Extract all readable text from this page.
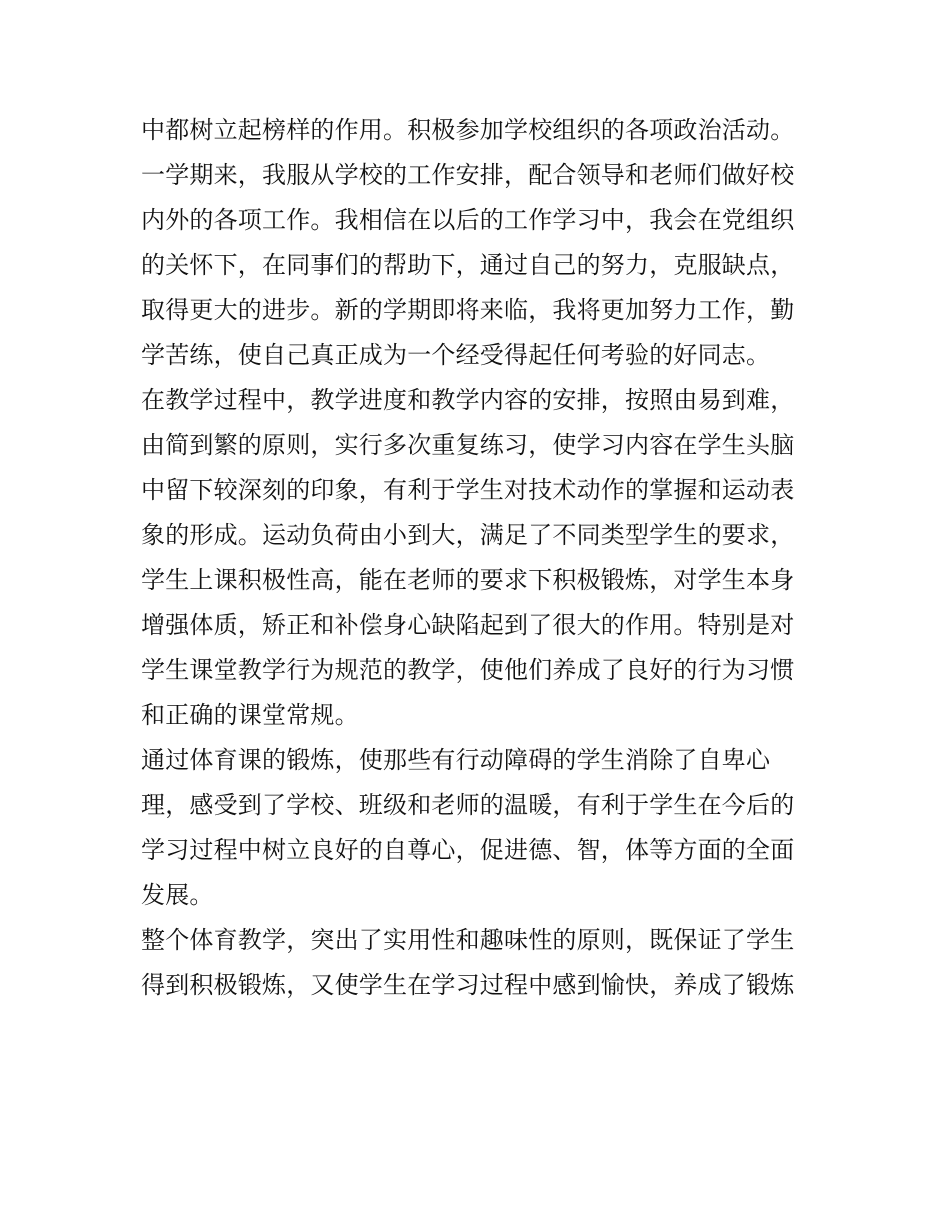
中都树立起榜样的作用。积极参加学校组织的各项政治活动。
一学期来，我服从学校的工作安排，配合领导和老师们做好校
内外的各项工作。我相信在以后的工作学习中，我会在党组织
的关怀下，在同事们的帮助下，通过自己的努力，克服缺点，
取得更大的进步。新的学期即将来临，我将更加努力工作，勤
学苦练，使自己真正成为一个经受得起任何考验的好同志。
在教学过程中，教学进度和教学内容的安排，按照由易到难，
由简到繁的原则，实行多次重复练习，使学习内容在学生头脑
中留下较深刻的印象，有利于学生对技术动作的掌握和运动表
象的形成。运动负荷由小到大，满足了不同类型学生的要求，
学生上课积极性高，能在老师的要求下积极锻炼，对学生本身
增强体质，矫正和补偿身心缺陷起到了很大的作用。特别是对
学生课堂教学行为规范的教学，使他们养成了良好的行为习惯
和正确的课堂常规。
通过体育课的锻炼，使那些有行动障碍的学生消除了自卑心
理，感受到了学校、班级和老师的温暖，有利于学生在今后的
学习过程中树立良好的自尊心，促进德、智，体等方面的全面
发展。
整个体育教学，突出了实用性和趣味性的原则，既保证了学生
得到积极锻炼，又使学生在学习过程中感到愉快，养成了锻炼
